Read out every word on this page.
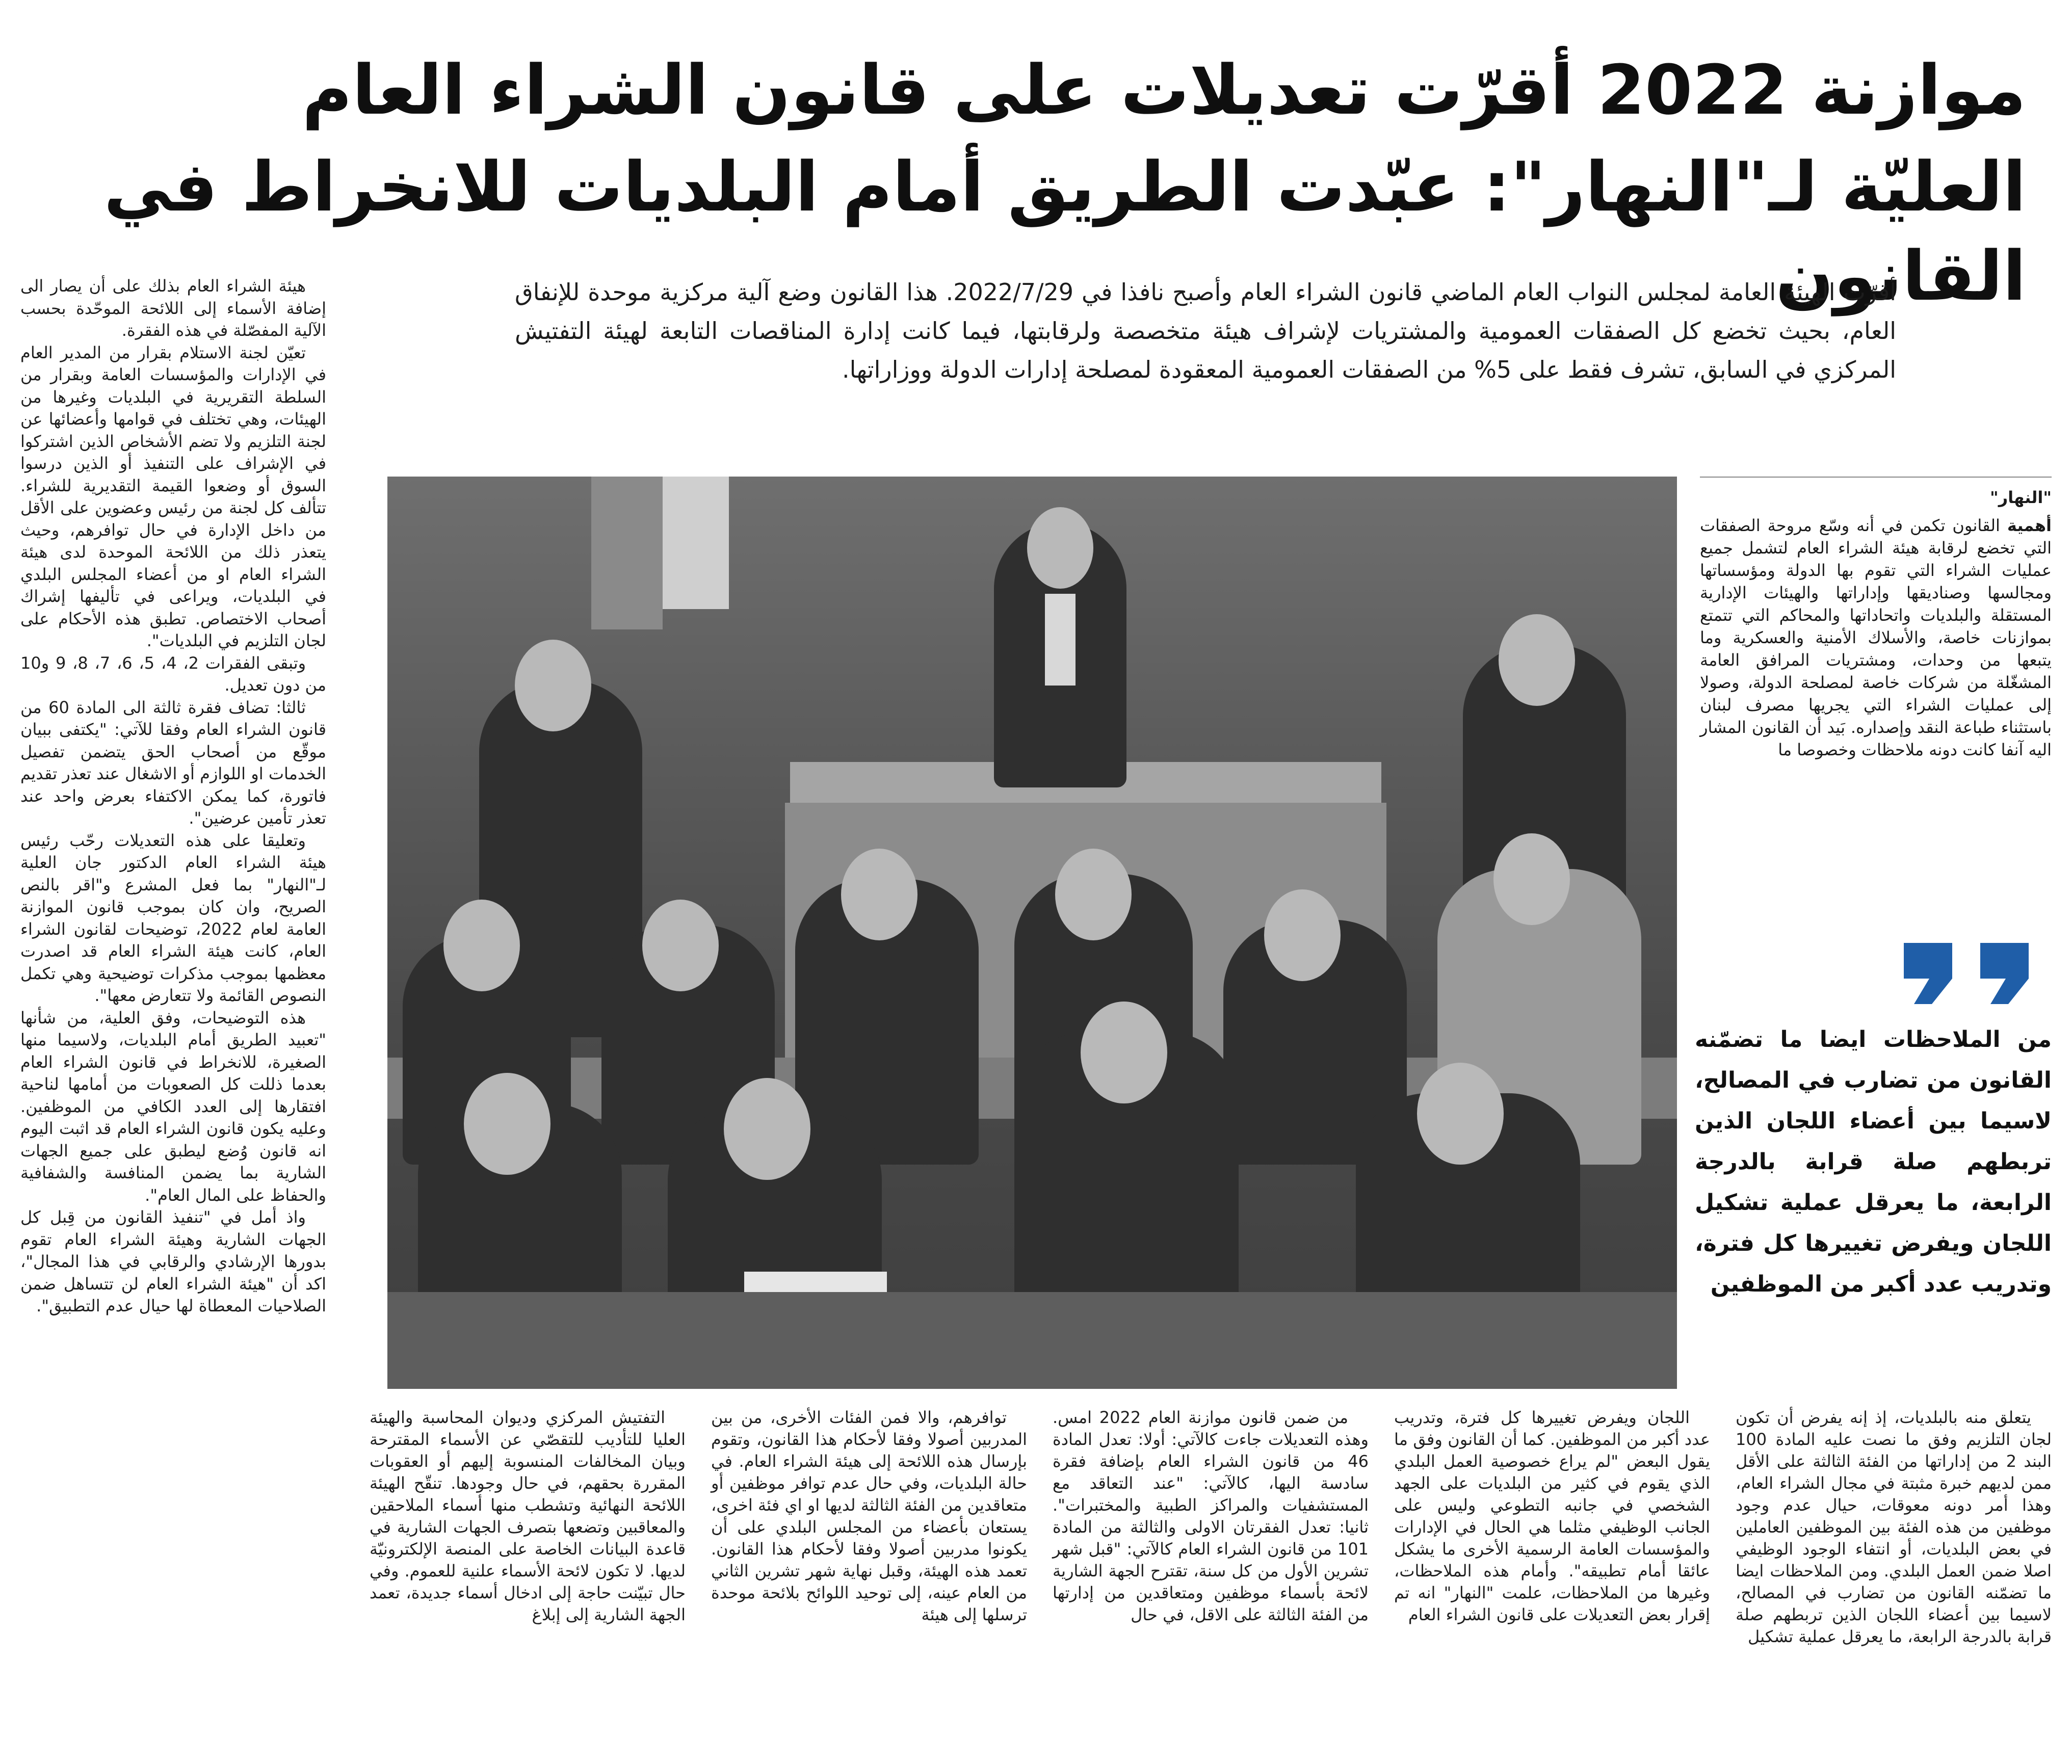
موازنة 2022 أقرّت تعديلات على قانون الشراء العام
العليّة لـ"النهار": عبّدت الطريق أمام البلديات للانخراط في القانون

أقرّت الهيئة العامة لمجلس النواب العام الماضي قانون الشراء العام وأصبح نافذا في 2022/7/29. هذا القانون وضع آلية مركزية موحدة للإنفاق العام، بحيث تخضع كل الصفقات العمومية والمشتريات لإشراف هيئة متخصصة ولرقابتها، فيما كانت إدارة المناقصات التابعة لهيئة التفتيش المركزي في السابق، تشرف فقط على 5% من الصفقات العمومية المعقودة لمصلحة إدارات الدولة ووزاراتها.

هيئة الشراء العام بذلك على أن يصار الى إضافة الأسماء إلى اللائحة الموحّدة بحسب الآلية المفصّلة في هذه الفقرة.

تعيّن لجنة الاستلام بقرار من المدير العام في الإدارات والمؤسسات العامة وبقرار من السلطة التقريرية في البلديات وغيرها من الهيئات، وهي تختلف في قوامها وأعضائها عن لجنة التلزيم ولا تضم الأشخاص الذين اشتركوا في الإشراف على التنفيذ أو الذين درسوا السوق أو وضعوا القيمة التقديرية للشراء. تتألف كل لجنة من رئيس وعضوين على الأقل من داخل الإدارة في حال توافرهم، وحيث يتعذر ذلك من اللائحة الموحدة لدى هيئة الشراء العام او من أعضاء المجلس البلدي في البلديات، ويراعى في تأليفها إشراك أصحاب الاختصاص. تطبق هذه الأحكام على لجان التلزيم في البلديات".

وتبقى الفقرات 2، 4، 5، 6، 7، 8، 9 و10 من دون تعديل.

ثالثا: تضاف فقرة ثالثة الى المادة 60 من قانون الشراء العام وفقا للآتي: "يكتفى ببيان موقّع من أصحاب الحق يتضمن تفصيل الخدمات او اللوازم أو الاشغال عند تعذر تقديم فاتورة، كما يمكن الاكتفاء بعرض واحد عند تعذر تأمين عرضين".

وتعليقا على هذه التعديلات رحّب رئيس هيئة الشراء العام الدكتور جان العلية لـ"النهار" بما فعل المشرع و"اقر بالنص الصريح، وان كان بموجب قانون الموازنة العامة لعام 2022، توضيحات لقانون الشراء العام، كانت هيئة الشراء العام قد اصدرت معظمها بموجب مذكرات توضيحية وهي تكمل النصوص القائمة ولا تتعارض معها".

هذه التوضيحات، وفق العلية، من شأنها "تعبيد الطريق أمام البلديات، ولاسيما منها الصغيرة، للانخراط في قانون الشراء العام بعدما ذللت كل الصعوبات من أمامها لناحية افتقارها إلى العدد الكافي من الموظفين. وعليه يكون قانون الشراء العام قد اثبت اليوم انه قانون وُضع ليطبق على جميع الجهات الشارية بما يضمن المنافسة والشفافية والحفاظ على المال العام".

واذ أمل في "تنفيذ القانون من قِبل كل الجهات الشارية وهيئة الشراء العام تقوم بدورها الإرشادي والرقابي في هذا المجال"، اكد أن "هيئة الشراء العام لن تتساهل ضمن الصلاحيات المعطاة لها حيال عدم التطبيق".

"النهار"

أهمية القانون تكمن في أنه وسّع مروحة الصفقات التي تخضع لرقابة هيئة الشراء العام لتشمل جميع عمليات الشراء التي تقوم بها الدولة ومؤسساتها ومجالسها وصناديقها وإداراتها والهيئات الإدارية المستقلة والبلديات واتحاداتها والمحاكم التي تتمتع بموازنات خاصة، والأسلاك الأمنية والعسكرية وما يتبعها من وحدات، ومشتريات المرافق العامة المشغّلة من شركات خاصة لمصلحة الدولة، وصولا إلى عمليات الشراء التي يجريها مصرف لبنان باستثناء طباعة النقد وإصداره. بَيد أن القانون المشار اليه آنفا كانت دونه ملاحظات وخصوصا ما

من الملاحظات ايضا ما تضمّنه القانون من تضارب في المصالح، لاسيما بين أعضاء اللجان الذين تربطهم صلة قرابة بالدرجة الرابعة، ما يعرقل عملية تشكيل اللجان ويفرض تغييرها كل فترة، وتدريب عدد أكبر من الموظفين

يتعلق منه بالبلديات، إذ إنه يفرض أن تكون لجان التلزيم وفق ما نصت عليه المادة 100 البند 2 من إداراتها من الفئة الثالثة على الأقل ممن لديهم خبرة مثبتة في مجال الشراء العام، وهذا أمر دونه معوقات، حيال عدم وجود موظفين من هذه الفئة بين الموظفين العاملين في بعض البلديات، أو انتفاء الوجود الوظيفي اصلا ضمن العمل البلدي. ومن الملاحظات ايضا ما تضمّنه القانون من تضارب في المصالح، لاسيما بين أعضاء اللجان الذين تربطهم صلة قرابة بالدرجة الرابعة، ما يعرقل عملية تشكيل

اللجان ويفرض تغييرها كل فترة، وتدريب عدد أكبر من الموظفين. كما أن القانون وفق ما يقول البعض "لم يراع خصوصية العمل البلدي الذي يقوم في كثير من البلديات على الجهد الشخصي في جانبه التطوعي وليس على الجانب الوظيفي مثلما هي الحال في الإدارات والمؤسسات العامة الرسمية الأخرى ما يشكل عائقا أمام تطبيقه". وأمام هذه الملاحظات، وغيرها من الملاحظات، علمت "النهار" انه تم إقرار بعض التعديلات على قانون الشراء العام

من ضمن قانون موازنة العام 2022 امس. وهذه التعديلات جاءت كالآتي: أولا: تعدل المادة 46 من قانون الشراء العام بإضافة فقرة سادسة اليها، كالآتي: "عند التعاقد مع المستشفيات والمراكز الطبية والمختبرات". ثانيا: تعدل الفقرتان الاولى والثالثة من المادة 101 من قانون الشراء العام كالآتي: "قبل شهر تشرين الأول من كل سنة، تقترح الجهة الشارية لائحة بأسماء موظفين ومتعاقدين من إدارتها من الفئة الثالثة على الاقل، في حال

توافرهم، والا فمن الفئات الأخرى، من بين المدربين أصولا وفقا لأحكام هذا القانون، وتقوم بإرسال هذه اللائحة إلى هيئة الشراء العام. في حالة البلديات، وفي حال عدم توافر موظفين أو متعاقدين من الفئة الثالثة لديها او اي فئة اخرى، يستعان بأعضاء من المجلس البلدي على أن يكونوا مدربين أصولا وفقا لأحكام هذا القانون. تعمد هذه الهيئة، وقبل نهاية شهر تشرين الثاني من العام عينه، إلى توحيد اللوائح بلائحة موحدة ترسلها إلى هيئة

التفتيش المركزي وديوان المحاسبة والهيئة العليا للتأديب للتقصّي عن الأسماء المقترحة وبيان المخالفات المنسوبة إليهم أو العقوبات المقررة بحقهم، في حال وجودها. تنقّح الهيئة اللائحة النهائية وتشطب منها أسماء الملاحقين والمعاقبين وتضعها بتصرف الجهات الشارية في قاعدة البيانات الخاصة على المنصة الإلكترونيّة لديها. لا تكون لائحة الأسماء علنية للعموم. وفي حال تبيّنت حاجة إلى ادخال أسماء جديدة، تعمد الجهة الشارية إلى إبلاغ
